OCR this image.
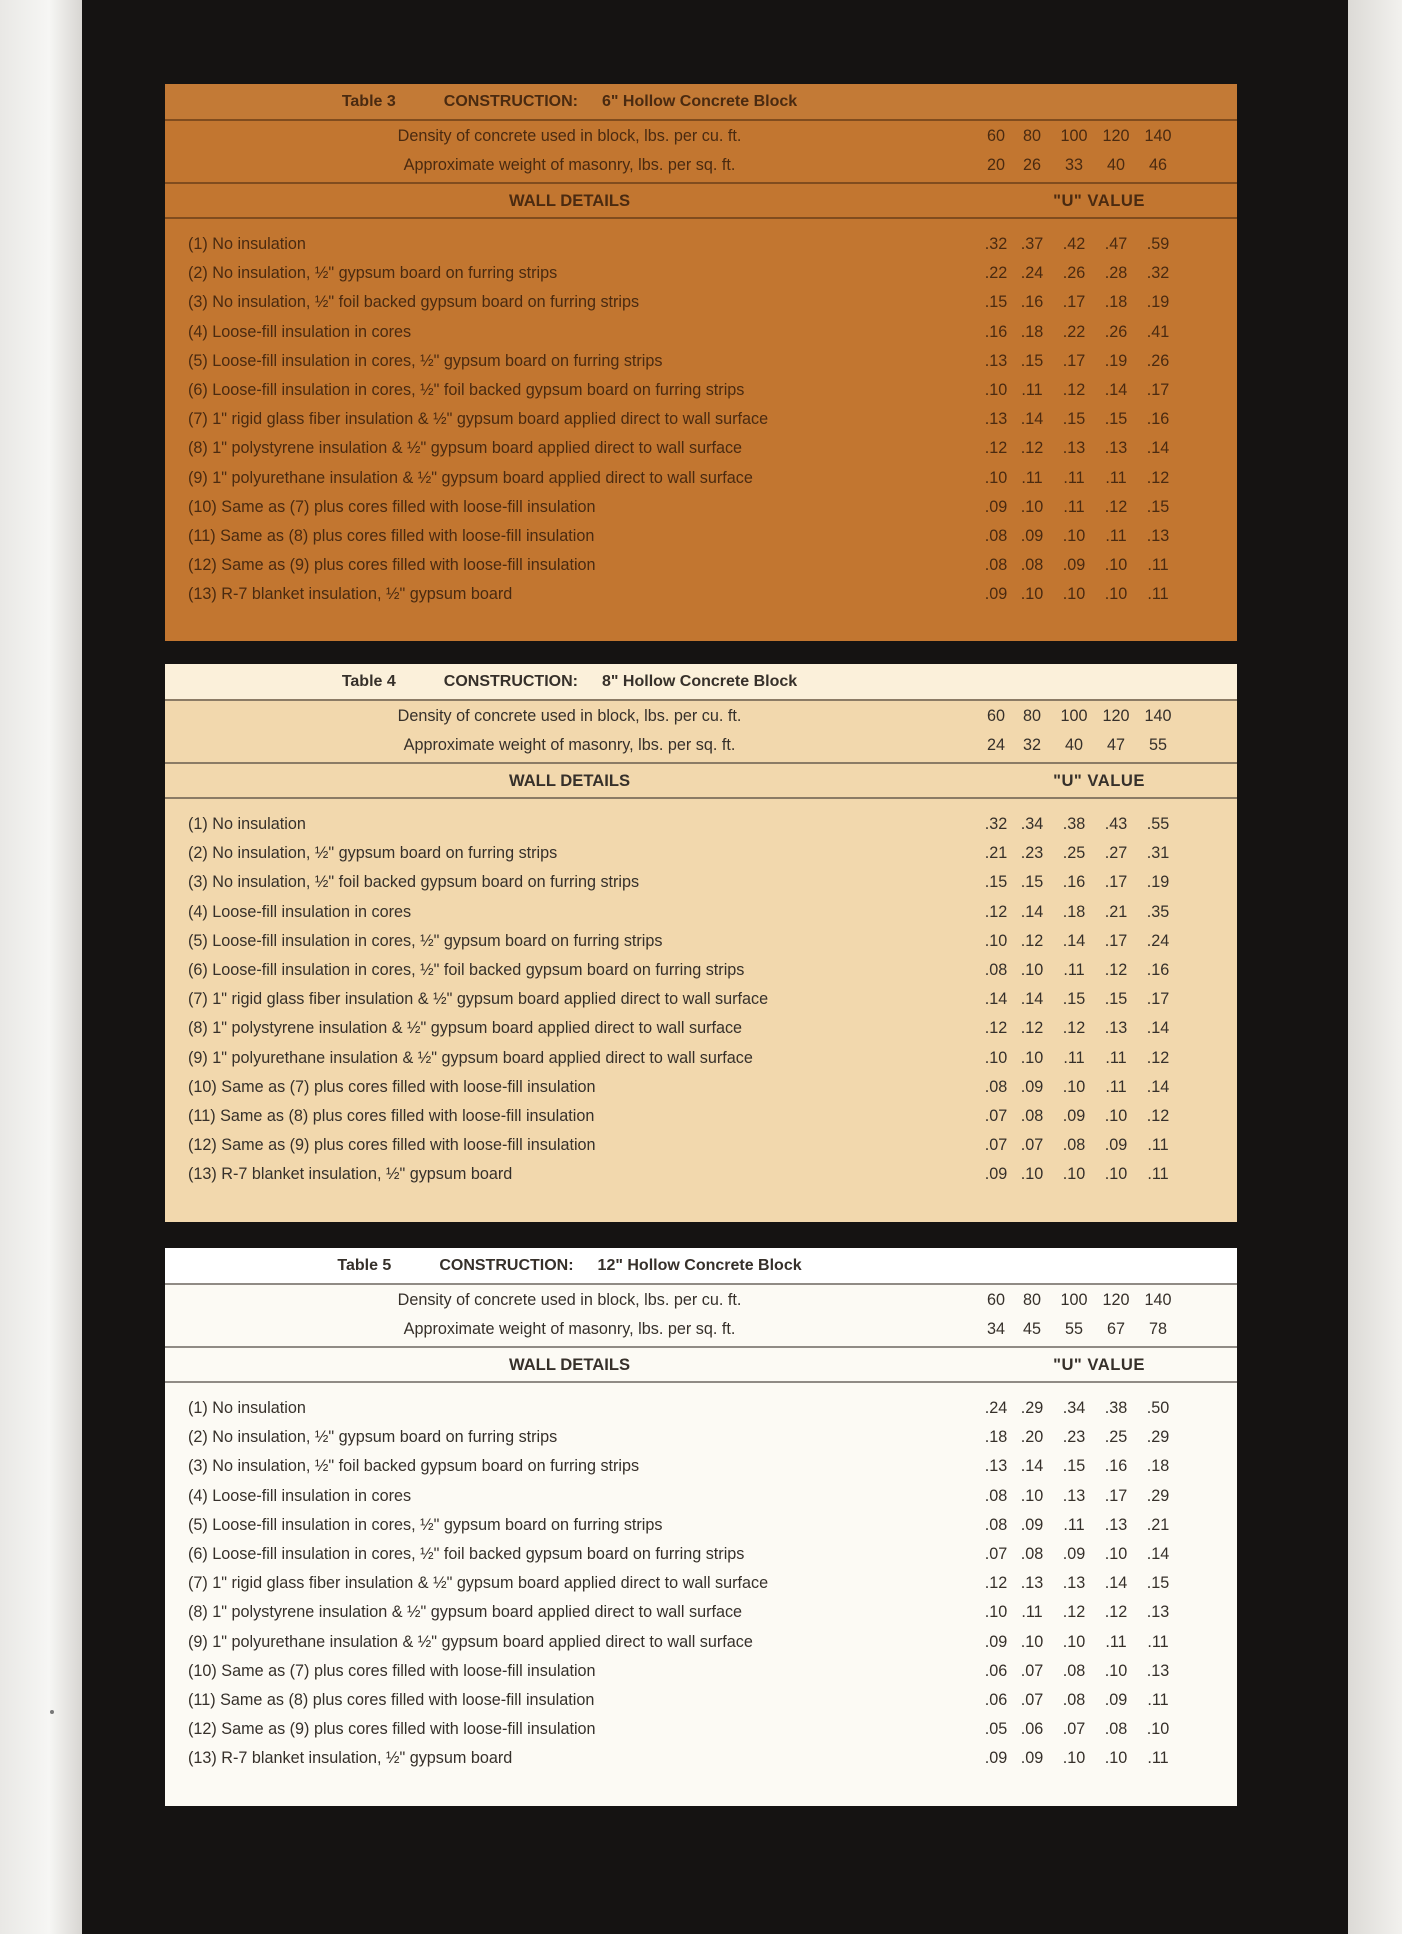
Table 3	CONSTRUCTION: 6" Hollow Concrete Block
Density of concrete used in block, lbs. per cu. ft.	60	80	100 120 140
Approximate weight of masonry, lbs. per sq. ft.	20	26	33	40	46
WALL DETAILS	"U" VALUE
(1) No insulation	.32 .37	.42	.47	.59
(2) No insulation, ½" gypsum board on furring strips	.22 .24	.26	.28	.32
(3) No insulation, ½" foil backed gypsum board on furring strips	.15 .16	.17	.18	.19
(4) Loose-fill insulation in cores	.16 .18	.22	.26	.41
(5) Loose-fill insulation in cores, ½" gypsum board on furring strips	.13 .15	.17	.19	.26
(6) Loose-fill insulation in cores, ½" foil backed gypsum board on furring strips	.10 .11	.12	.14	.17
(7) 1" rigid glass fiber insulation & ½" gypsum board applied direct to wall surface	.13 .14	.15	.15	.16
(8) 1" polystyrene insulation & ½" gypsum board applied direct to wall surface	.12 .12	.13	.13	.14
(9) 1" polyurethane insulation & ½" gypsum board applied direct to wall surface	.10 .11	.11	.11	.12
(10) Same as (7) plus cores filled with loose-fill insulation	.09 .10	.11	.12	.15
(11) Same as (8) plus cores filled with loose-fill insulation	.08 .09	.10	.11	.13
(12) Same as (9) plus cores filled with loose-fill insulation	.08 .08	.09	.10	.11
(13) R-7 blanket insulation, ½" gypsum board	.09 .10	.10	.10	.11
Table 4	CONSTRUCTION: 8" Hollow Concrete Block
Density of concrete used in block, lbs. per cu. ft.	60	80	100 120 140
Approximate weight of masonry, lbs. per sq. ft.	24	32	40	47	55
WALL DETAILS	"U" VALUE
(1) No insulation	.32 .34	.38	.43	.55
(2) No insulation, ½" gypsum board on furring strips	.21 .23	.25	.27	.31
(3) No insulation, ½" foil backed gypsum board on furring strips	.15 .15	.16	.17	.19
(4) Loose-fill insulation in cores	.12 .14	.18	.21	.35
(5) Loose-fill insulation in cores, ½" gypsum board on furring strips	.10 .12	.14	.17	.24
(6) Loose-fill insulation in cores, ½" foil backed gypsum board on furring strips	.08 .10	.11	.12	.16
(7) 1" rigid glass fiber insulation & ½" gypsum board applied direct to wall surface	.14 .14	.15	.15	.17
(8) 1" polystyrene insulation & ½" gypsum board applied direct to wall surface	.12 .12	.12	.13	.14
(9) 1" polyurethane insulation & ½" gypsum board applied direct to wall surface	.10 .10	.11	.11	.12
(10) Same as (7) plus cores filled with loose-fill insulation	.08 .09	.10	.11	.14
(11) Same as (8) plus cores filled with loose-fill insulation	.07 .08	.09	.10	.12
(12) Same as (9) plus cores filled with loose-fill insulation	.07 .07	.08	.09	.11
(13) R-7 blanket insulation, ½" gypsum board	.09 .10	.10	.10	.11
Table 5	CONSTRUCTION: 12" Hollow Concrete Block
Density of concrete used in block, lbs. per cu. ft.	60	80	100 120 140
Approximate weight of masonry, lbs. per sq. ft.	34	45	55	67	78
WALL DETAILS	"U" VALUE
(1) No insulation	.24 .29	.34	.38	.50
(2) No insulation, ½" gypsum board on furring strips	.18 .20	.23	.25	.29
(3) No insulation, ½" foil backed gypsum board on furring strips	.13 .14	.15	.16	.18
(4) Loose-fill insulation in cores	.08 .10	.13	.17	.29
(5) Loose-fill insulation in cores, ½" gypsum board on furring strips	.08 .09	.11	.13	.21
(6) Loose-fill insulation in cores, ½" foil backed gypsum board on furring strips	.07 .08	.09	.10	.14
(7) 1" rigid glass fiber insulation & ½" gypsum board applied direct to wall surface	.12 .13	.13	.14	.15
(8) 1" polystyrene insulation & ½" gypsum board applied direct to wall surface	.10 .11	.12	.12	.13
(9) 1" polyurethane insulation & ½" gypsum board applied direct to wall surface	.09 .10	.10	.11	.11
(10) Same as (7) plus cores filled with loose-fill insulation	.06 .07	.08	.10	.13
(11) Same as (8) plus cores filled with loose-fill insulation	.06 .07	.08	.09	.11
(12) Same as (9) plus cores filled with loose-fill insulation	.05 .06	.07	.08	.10
(13) R-7 blanket insulation, ½" gypsum board	.09 .09	.10	.10	.11
